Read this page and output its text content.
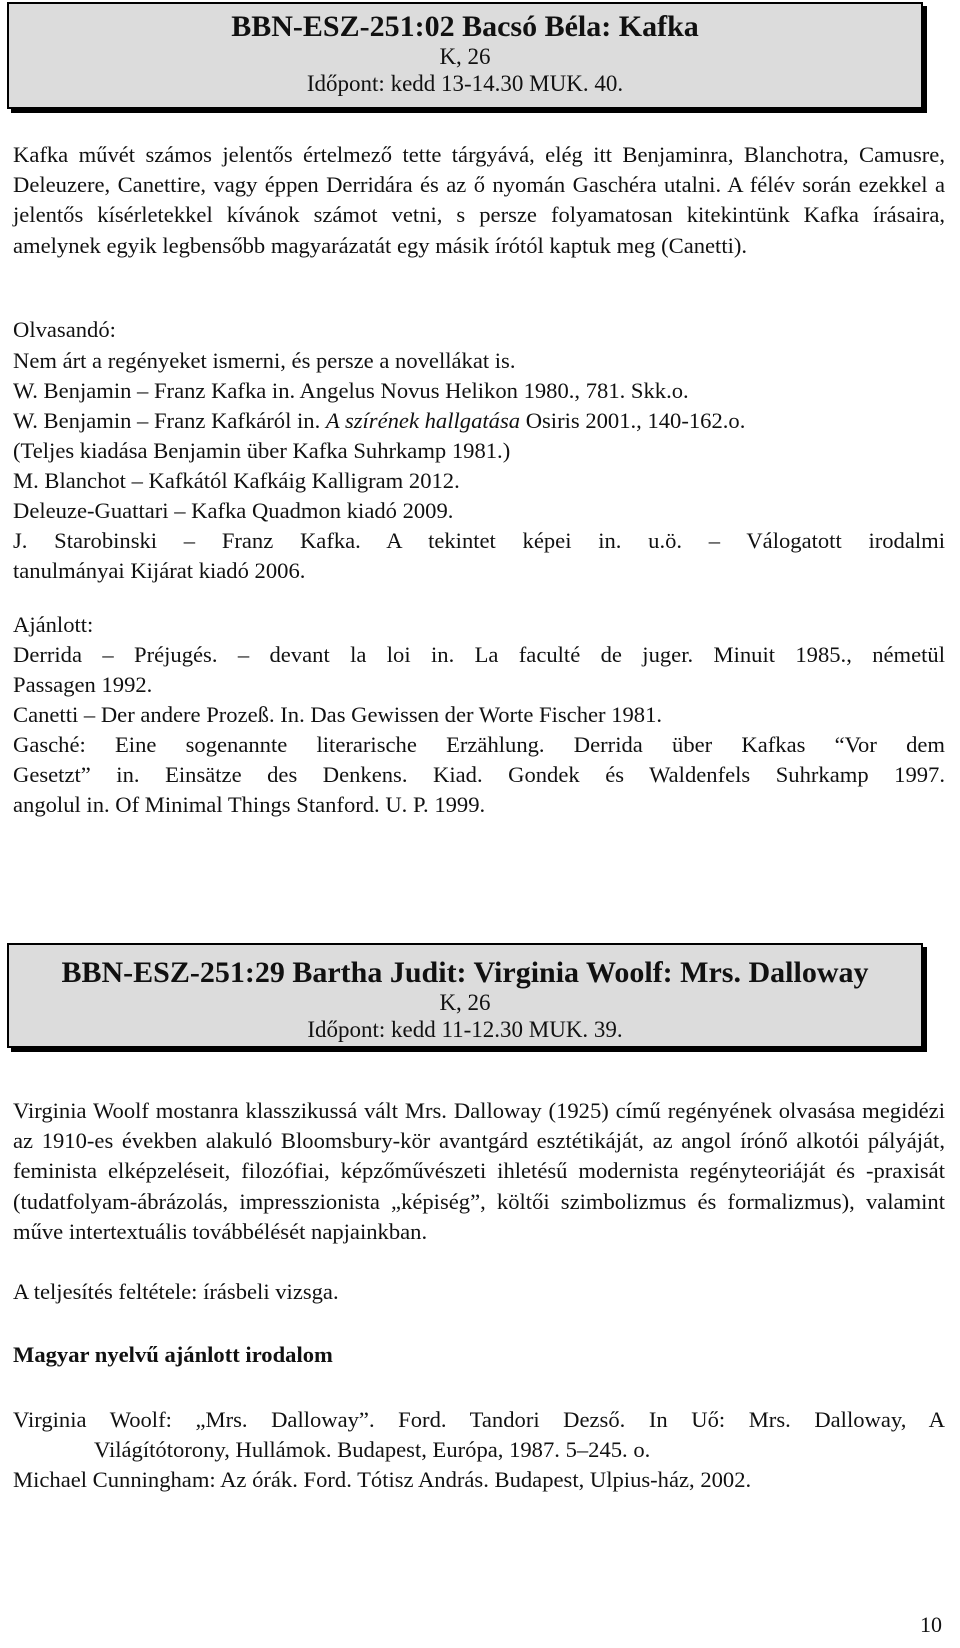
BBN-ESZ-251:02 Bacsó Béla: Kafka
K, 26
Időpont: kedd 13-14.30 MUK. 40.
Kafka művét számos jelentős értelmező tette tárgyává, elég itt Benjaminra, Blanchotra, Camusre, Deleuzere, Canettire, vagy éppen Derridára és az ő nyomán Gaschéra utalni. A félév során ezekkel a jelentős kísérletekkel kívánok számot vetni, s persze folyamatosan kitekintünk Kafka írásaira, amelynek egyik legbensőbb magyarázatát egy másik írótól kaptuk meg (Canetti).
Olvasandó:
Nem árt a regényeket ismerni, és persze a novellákat is.
W. Benjamin – Franz Kafka in. Angelus Novus Helikon 1980., 781. Skk.o.
W. Benjamin – Franz Kafkáról in. A szírének hallgatása Osiris 2001., 140-162.o.
(Teljes kiadása Benjamin über Kafka Suhrkamp 1981.)
M. Blanchot – Kafkától Kafkáig Kalligram 2012.
Deleuze-Guattari – Kafka Quadmon kiadó 2009.
J. Starobinski – Franz Kafka. A tekintet képei in. u.ö. – Válogatott irodalmi
tanulmányai Kijárat kiadó 2006.
Ajánlott:
Derrida – Préjugés. – devant la loi in. La faculté de juger. Minuit 1985., németül
Passagen 1992.
Canetti – Der andere Prozeß. In. Das Gewissen der Worte Fischer 1981.
Gasché: Eine sogenannte literarische Erzählung. Derrida über Kafkas “Vor dem
Gesetzt” in. Einsätze des Denkens. Kiad. Gondek és Waldenfels Suhrkamp 1997.
angolul in. Of Minimal Things Stanford. U. P. 1999.
BBN-ESZ-251:29 Bartha Judit: Virginia Woolf: Mrs. Dalloway
K, 26
Időpont: kedd 11-12.30 MUK. 39.
Virginia Woolf mostanra klasszikussá vált Mrs. Dalloway (1925) című regényének olvasása megidézi az 1910-es években alakuló Bloomsbury-kör avantgárd esztétikáját, az angol írónő alkotói pályáját, feminista elképzeléseit, filozófiai, képzőművészeti ihletésű modernista regényteoriáját és -praxisát (tudatfolyam-ábrázolás, impresszionista „képiség”, költői szimbolizmus és formalizmus), valamint műve intertextuális továbbélését napjainkban.
A teljesítés feltétele: írásbeli vizsga.
Magyar nyelvű ajánlott irodalom
Virginia Woolf: „Mrs. Dalloway”. Ford. Tandori Dezső. In Uő: Mrs. Dalloway, A
Világítótorony, Hullámok. Budapest, Európa, 1987. 5–245. o.
Michael Cunningham: Az órák. Ford. Tótisz András. Budapest, Ulpius-ház, 2002.
10
